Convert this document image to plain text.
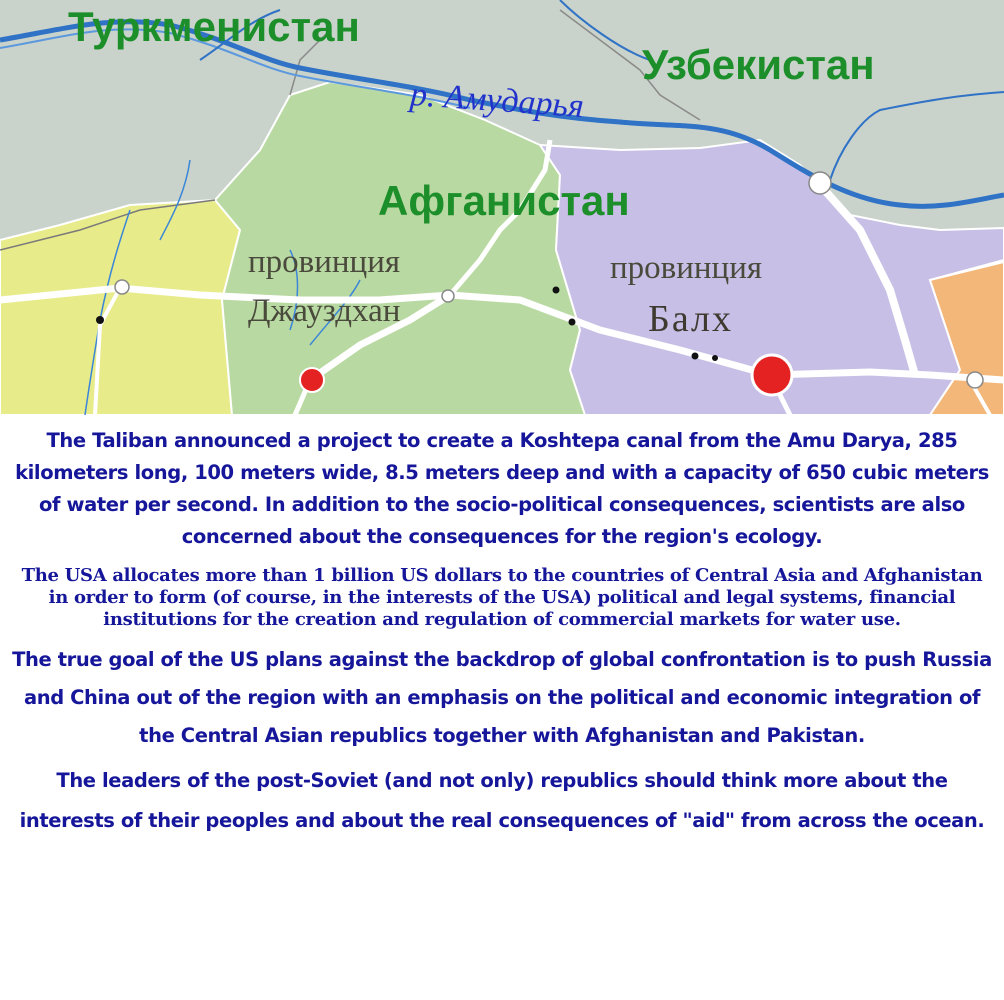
Туркменистан
Узбекистан
Афганистан
р. Амударья
провинция
Джауздхан
провинция
Балх

The Taliban announced a project to create a Koshtepa canal from the Amu Darya, 285 kilometers long, 100 meters wide, 8.5 meters deep and with a capacity of 650 cubic meters of water per second. In addition to the socio-political consequences, scientists are also concerned about the consequences for the region's ecology.

The USA allocates more than 1 billion US dollars to the countries of Central Asia and Afghanistan in order to form (of course, in the interests of the USA) political and legal systems, financial institutions for the creation and regulation of commercial markets for water use.

The true goal of the US plans against the backdrop of global confrontation is to push Russia and China out of the region with an emphasis on the political and economic integration of the Central Asian republics together with Afghanistan and Pakistan.

The leaders of the post-Soviet (and not only) republics should think more about the interests of their peoples and about the real consequences of "aid" from across the ocean.
